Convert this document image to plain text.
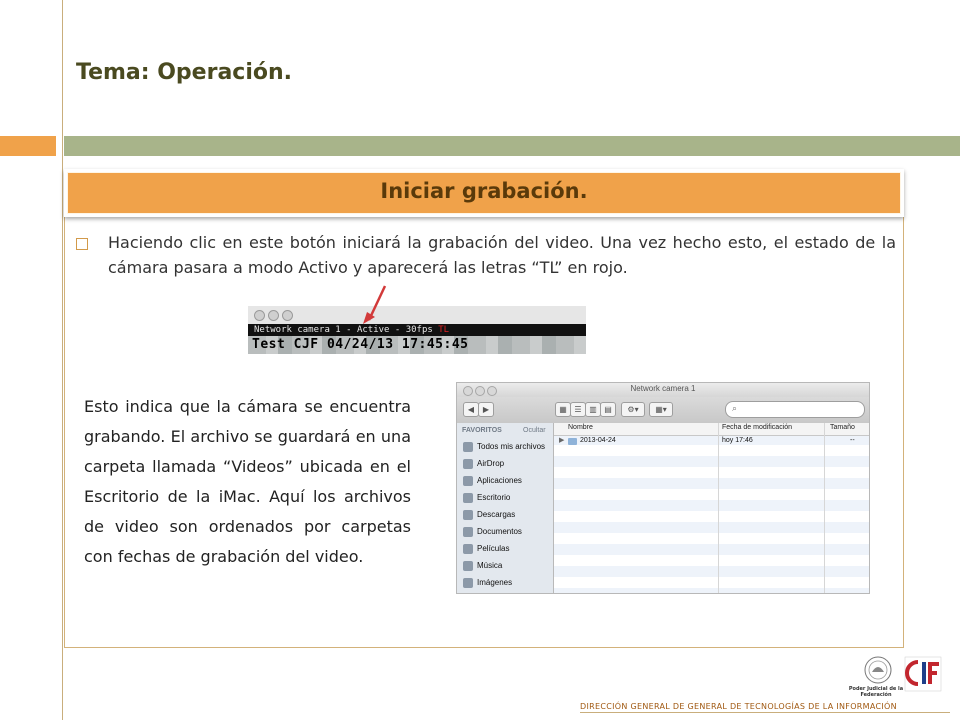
Tema: Operación.
Iniciar grabación.
Haciendo clic en este botón iniciará la grabación del video. Una vez hecho esto, el estado de la cámara pasara a modo Activo y aparecerá las letras “TL” en rojo.
Network camera 1 - Active - 30fps TL
Test CJF 04/24/13 17:45:45
Esto indica que la cámara se encuentra grabando. El archivo se guardará en una carpeta llamada “Videos” ubicada en el Escritorio de la iMac. Aquí los archivos de video son ordenados por carpetas con fechas de grabación del video.
Network camera 1
◀	▶	▦ ☰ ▥ ▤	⚙▾	▦▾	⌕
FAVORITOS	Ocultar
Todos mis archivos
AirDrop
Aplicaciones
Escritorio
Descargas
Documentos
Películas
Música
Imágenes
Nombre	Fecha de modificación	Tamaño
▶ 2013-04-24	hoy 17:46	--
Poder Judicial de la Federación
DIRECCIÓN GENERAL DE GENERAL DE TECNOLOGÍAS DE LA INFORMACIÓN
